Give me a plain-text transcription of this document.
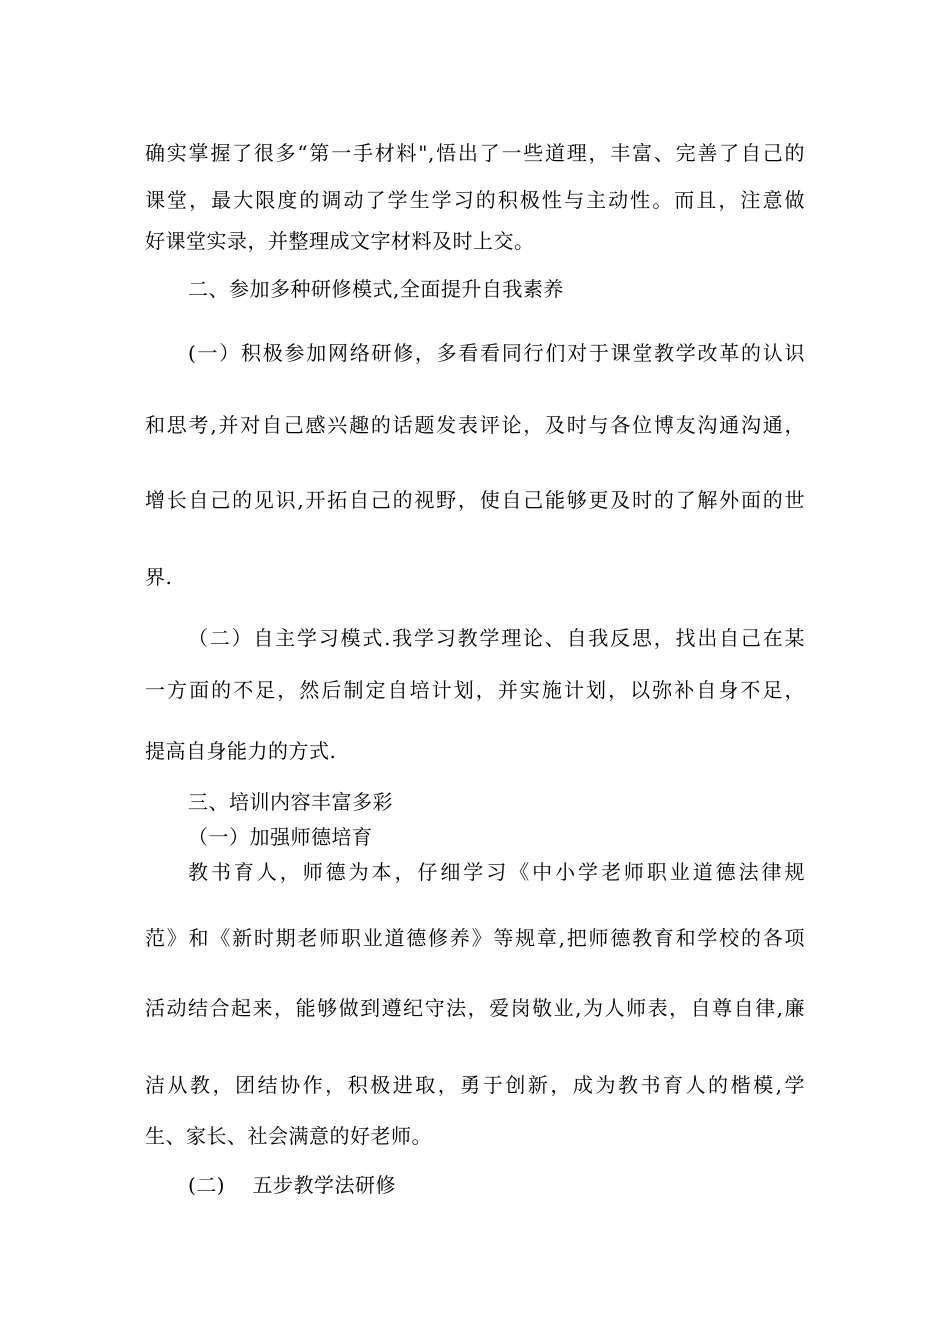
确实掌握了很多“第一手材料",悟出了一些道理，丰富、完善了自己的
课堂，最大限度的调动了学生学习的积极性与主动性。而且，注意做
好课堂实录，并整理成文字材料及时上交。
二、参加多种研修模式,全面提升自我素养
(一）积极参加网络研修，多看看同行们对于课堂教学改革的认识
和思考,并对自己感兴趣的话题发表评论，及时与各位博友沟通沟通，
增长自己的见识,开拓自己的视野，使自己能够更及时的了解外面的世
界.
（二）自主学习模式.我学习教学理论、自我反思，找出自己在某
一方面的不足，然后制定自培计划，并实施计划，以弥补自身不足，
提高自身能力的方式.
三、培训内容丰富多彩
（一）加强师德培育
教书育人，师德为本，仔细学习《中小学老师职业道德法律规
范》和《新时期老师职业道德修养》等规章,把师德教育和学校的各项
活动结合起来，能够做到遵纪守法，爱岗敬业,为人师表，自尊自律,廉
洁从教，团结协作，积极进取，勇于创新，成为教书育人的楷模,学
生、家长、社会满意的好老师。
(二)    五步教学法研修
